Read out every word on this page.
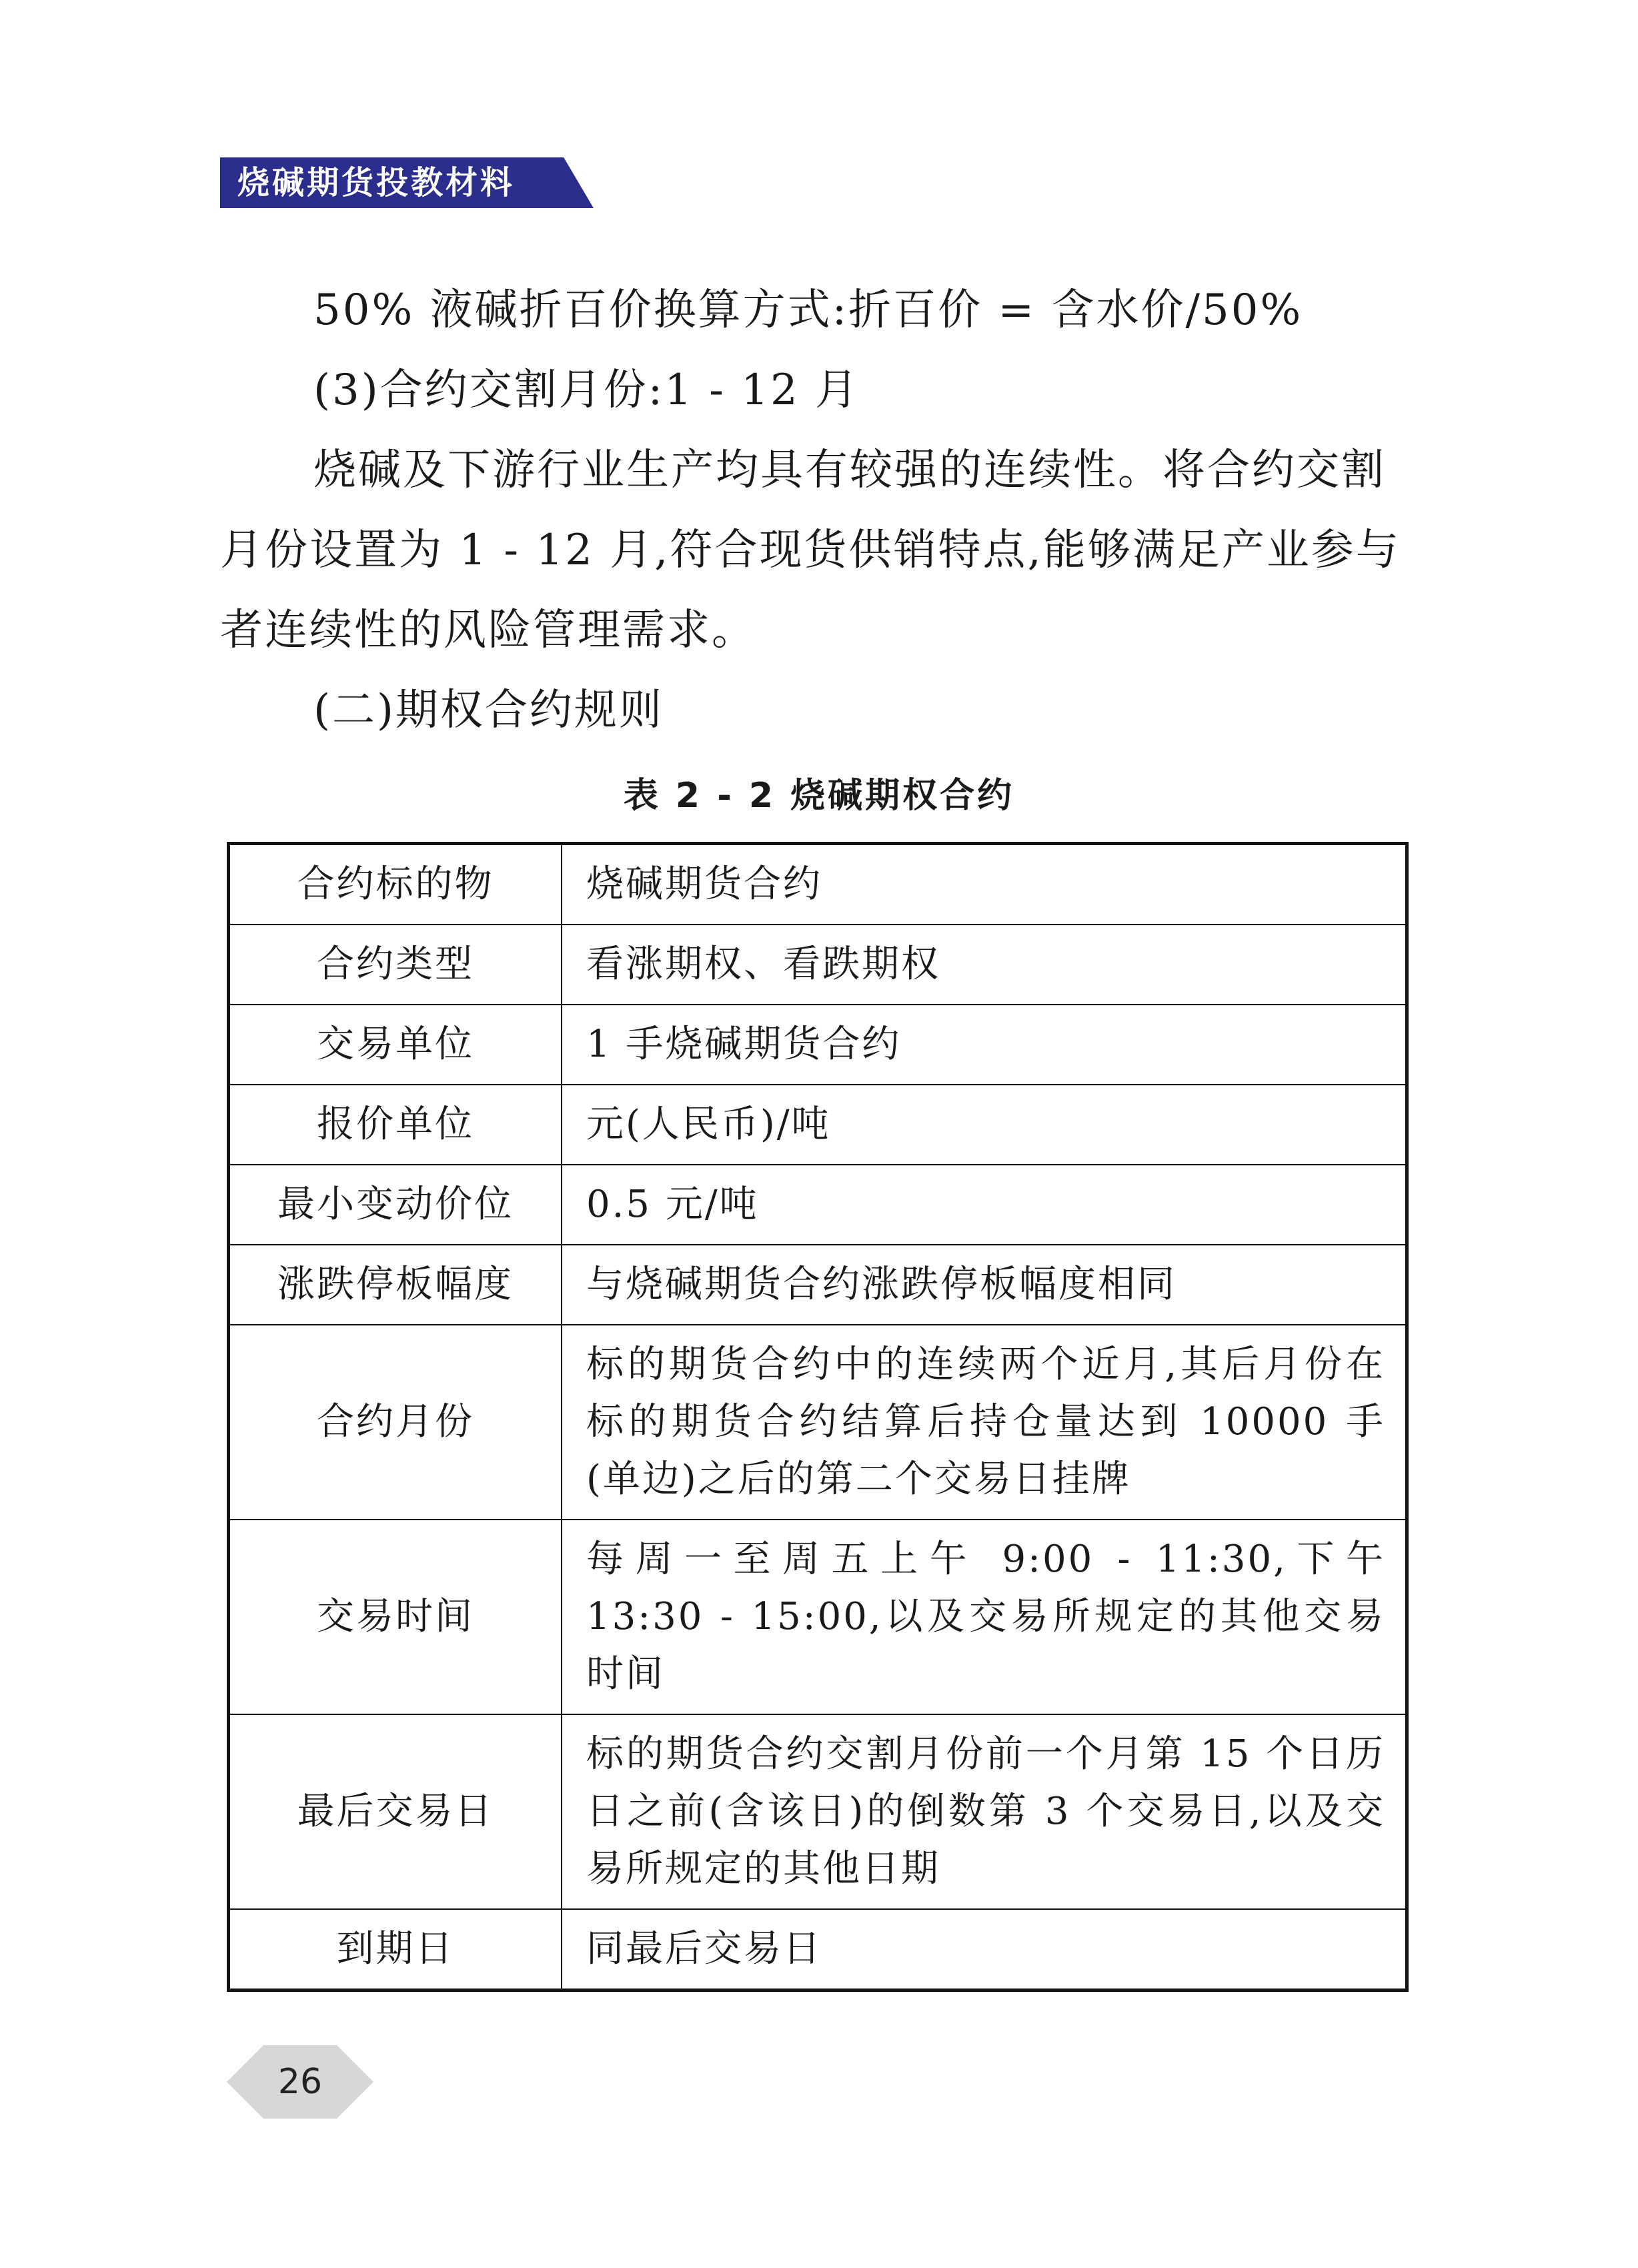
烧碱期货投教材料
50% 液碱折百价换算方式:折百价 = 含水价/50%
(3)合约交割月份:1 - 12 月
烧碱及下游行业生产均具有较强的连续性。将合约交割月份设置为 1 - 12 月,符合现货供销特点,能够满足产业参与者连续性的风险管理需求。
(二)期权合约规则
表 2 - 2 烧碱期权合约
合约标的物	烧碱期货合约
合约类型	看涨期权、看跌期权
交易单位	1 手烧碱期货合约
报价单位	元(人民币)/吨
最小变动价位	0.5 元/吨
涨跌停板幅度	与烧碱期货合约涨跌停板幅度相同
合约月份	标的期货合约中的连续两个近月,其后月份在标的期货合约结算后持仓量达到 10000 手(单边)之后的第二个交易日挂牌
交易时间	每周一至周五上午 9:00 - 11:30,下午 13:30 - 15:00,以及交易所规定的其他交易时间
最后交易日	标的期货合约交割月份前一个月第 15 个日历日之前(含该日)的倒数第 3 个交易日,以及交易所规定的其他日期
到期日	同最后交易日
26
